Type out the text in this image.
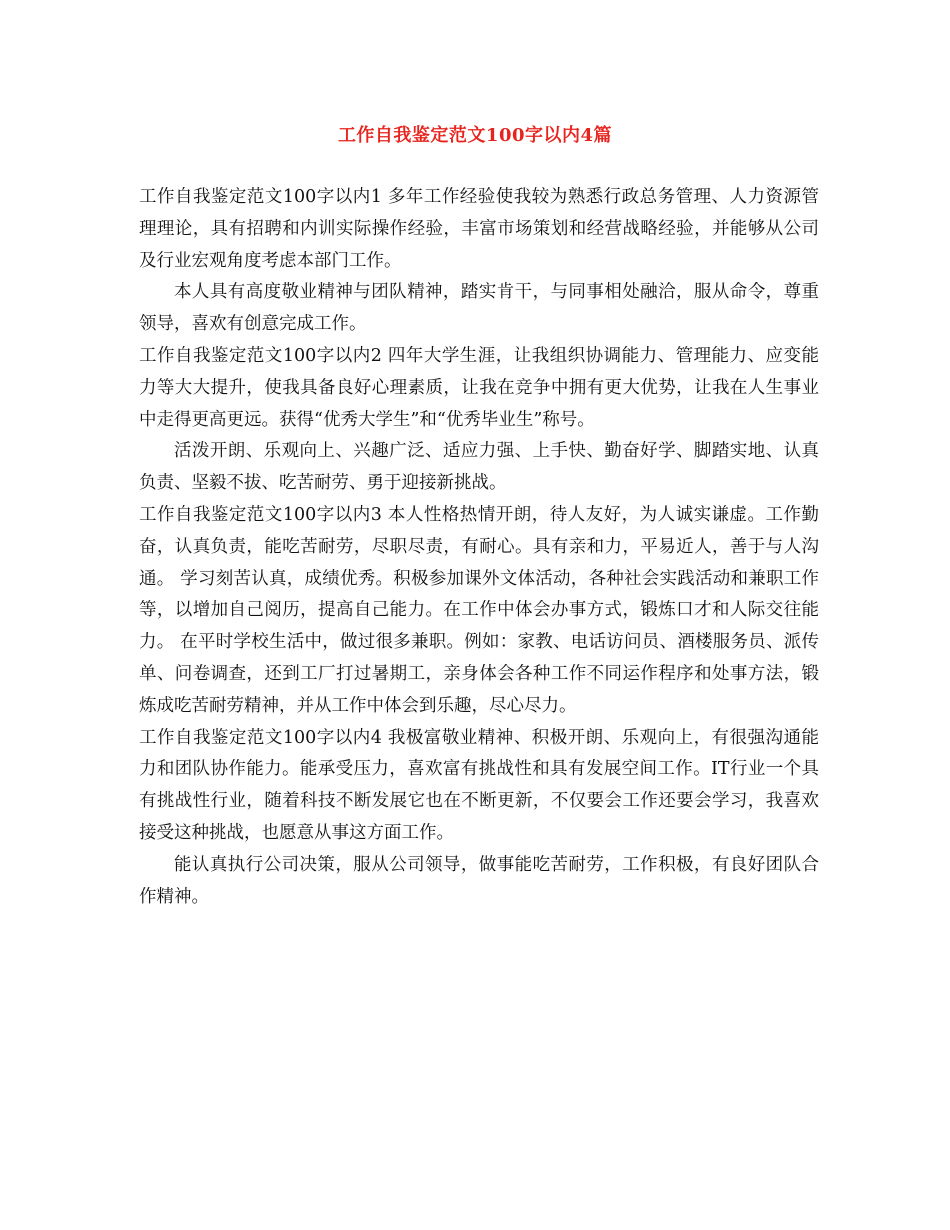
工作自我鉴定范文100字以内4篇

工作自我鉴定范文100字以内1 多年工作经验使我较为熟悉行政总务管理、人力资源管理理论，具有招聘和内训实际操作经验，丰富市场策划和经营战略经验，并能够从公司及行业宏观角度考虑本部门工作。

本人具有高度敬业精神与团队精神，踏实肯干，与同事相处融洽，服从命令，尊重领导，喜欢有创意完成工作。

工作自我鉴定范文100字以内2 四年大学生涯，让我组织协调能力、管理能力、应变能力等大大提升，使我具备良好心理素质，让我在竞争中拥有更大优势，让我在人生事业中走得更高更远。获得“优秀大学生”和“优秀毕业生”称号。

活泼开朗、乐观向上、兴趣广泛、适应力强、上手快、勤奋好学、脚踏实地、认真负责、坚毅不拔、吃苦耐劳、勇于迎接新挑战。

工作自我鉴定范文100字以内3 本人性格热情开朗，待人友好，为人诚实谦虚。工作勤奋，认真负责，能吃苦耐劳，尽职尽责，有耐心。具有亲和力，平易近人，善于与人沟通。 学习刻苦认真，成绩优秀。积极参加课外文体活动，各种社会实践活动和兼职工作等，以增加自己阅历，提高自己能力。在工作中体会办事方式，锻炼口才和人际交往能力。 在平时学校生活中，做过很多兼职。例如：家教、电话访问员、酒楼服务员、派传单、问卷调查，还到工厂打过暑期工，亲身体会各种工作不同运作程序和处事方法，锻炼成吃苦耐劳精神，并从工作中体会到乐趣，尽心尽力。

工作自我鉴定范文100字以内4 我极富敬业精神、积极开朗、乐观向上，有很强沟通能力和团队协作能力。能承受压力，喜欢富有挑战性和具有发展空间工作。IT行业一个具有挑战性行业，随着科技不断发展它也在不断更新，不仅要会工作还要会学习，我喜欢接受这种挑战，也愿意从事这方面工作。

能认真执行公司决策，服从公司领导，做事能吃苦耐劳，工作积极，有良好团队合作精神。
